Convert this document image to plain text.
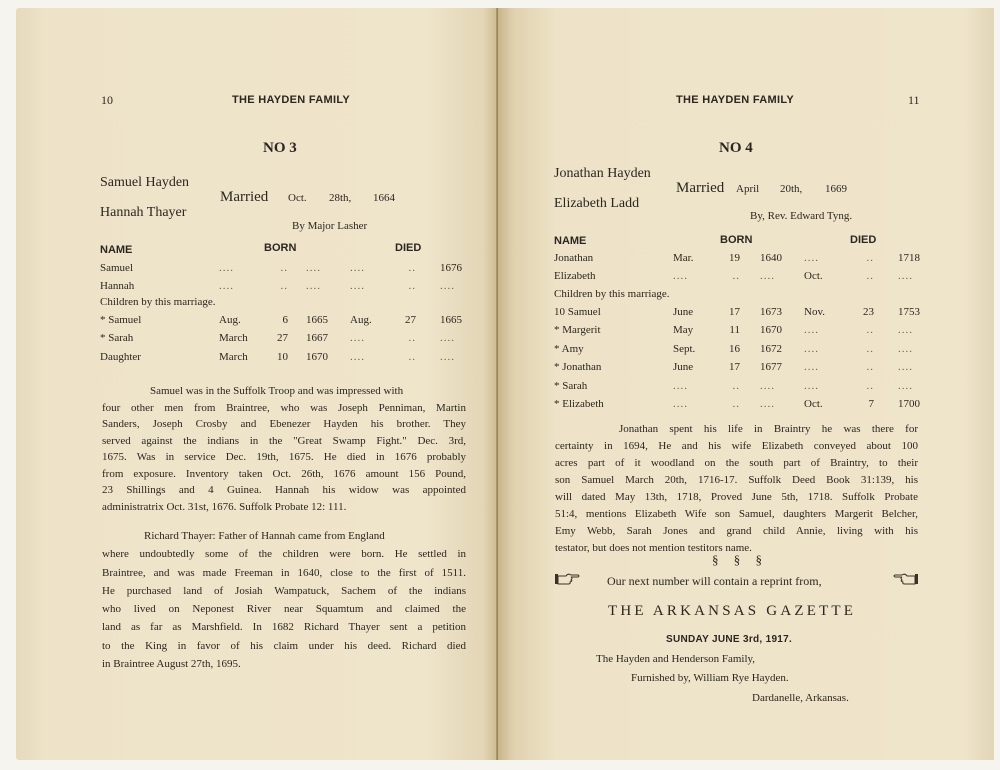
10	THE HAYDEN FAMILY
NO 3
Samuel Hayden
Married Oct. 28th, 1664
Hannah Thayer
By Major Lasher
NAME	BORN	DIED
Samuel	....	.. ....	....	.. 1676
Hannah	....	.. ....	....	.. ....
Children by this marriage.
* Samuel	Aug.	6 1665 Aug.	27 1665
* Sarah	March	27 1667 ....	.. ....
Daughter	March	10 1670 ....	.. ....
Samuel was in the Suffolk Troop and was impressed with
four other men from Braintree, who was Joseph Penniman, Martin
Sanders, Joseph Crosby and Ebenezer Hayden his brother. They
served against the indians in the "Great Swamp Fight." Dec. 3rd,
1675. Was in service Dec. 19th, 1675. He died in 1676 probably
from exposure. Inventory taken Oct. 26th, 1676 amount 156 Pound,
23 Shillings and 4 Guinea. Hannah his widow was appointed
administratrix Oct. 31st, 1676. Suffolk Probate 12: 111.
Richard Thayer: Father of Hannah came from England
where undoubtedly some of the children were born. He settled in
Braintree, and was made Freeman in 1640, close to the first of 1511.
He purchased land of Josiah Wampatuck, Sachem of the indians
who lived on Neponest River near Squamtum and claimed the
land as far as Marshfield. In 1682 Richard Thayer sent a petition
to the King in favor of his claim under his deed. Richard died
in Braintree August 27th, 1695.
THE HAYDEN FAMILY	11
NO 4
Jonathan Hayden
Married April 20th, 1669
Elizabeth Ladd
By, Rev. Edward Tyng.
NAME	BORN	DIED
Jonathan	Mar.	19 1640 ....	.. 1718
Elizabeth	....	.. ....	Oct.	.. ....
Children by this marriage.
10 Samuel	June	17 1673 Nov.	23 1753
* Margerit	May	11 1670 ....	.. ....
* Amy	Sept.	16 1672 ....	.. ....
* Jonathan	June	17 1677 ....	.. ....
* Sarah	....	.. ....	....	.. ....
* Elizabeth	....	.. ....	Oct.	7 1700
Jonathan spent his life in Braintry he was there for
certainty in 1694, He and his wife Elizabeth conveyed about 100
acres part of it woodland on the south part of Braintry, to their
son Samuel March 20th, 1716-17. Suffolk Deed Book 31:139, his
will dated May 13th, 1718, Proved June 5th, 1718. Suffolk Probate
51:4, mentions Elizabeth Wife son Samuel, daughters Margerit Belcher,
Emy Webb, Sarah Jones and grand child Annie, living with his
testator, but does not mention testitors name.
§ § §
Our next number will contain a reprint from,
THE ARKANSAS GAZETTE
SUNDAY JUNE 3rd, 1917.
The Hayden and Henderson Family,
Furnished by, William Rye Hayden.
Dardanelle, Arkansas.
